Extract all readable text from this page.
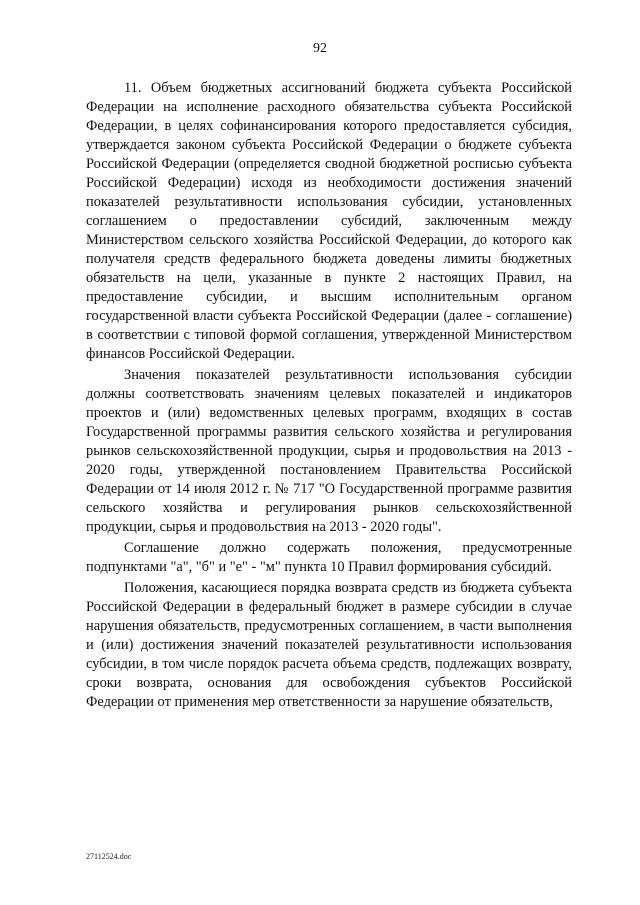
92

11. Объем бюджетных ассигнований бюджета субъекта Российской Федерации на исполнение расходного обязательства субъекта Российской Федерации, в целях софинансирования которого предоставляется субсидия, утверждается законом субъекта Российской Федерации о бюджете субъекта Российской Федерации (определяется сводной бюджетной росписью субъекта Российской Федерации) исходя из необходимости достижения значений показателей результативности использования субсидии, установленных соглашением о предоставлении субсидий, заключенным между Министерством сельского хозяйства Российской Федерации, до которого как получателя средств федерального бюджета доведены лимиты бюджетных обязательств на цели, указанные в пункте 2 настоящих Правил, на предоставление субсидии, и высшим исполнительным органом государственной власти субъекта Российской Федерации (далее - соглашение) в соответствии с типовой формой соглашения, утвержденной Министерством финансов Российской Федерации.

Значения показателей результативности использования субсидии должны соответствовать значениям целевых показателей и индикаторов проектов и (или) ведомственных целевых программ, входящих в состав Государственной программы развития сельского хозяйства и регулирования рынков сельскохозяйственной продукции, сырья и продовольствия на 2013 - 2020 годы, утвержденной постановлением Правительства Российской Федерации от 14 июля 2012 г. № 717 "О Государственной программе развития сельского хозяйства и регулирования рынков сельскохозяйственной продукции, сырья и продовольствия на 2013 - 2020 годы".

Соглашение должно содержать положения, предусмотренные подпунктами "а", "б" и "е" - "м" пункта 10 Правил формирования субсидий.

Положения, касающиеся порядка возврата средств из бюджета субъекта Российской Федерации в федеральный бюджет в размере субсидии в случае нарушения обязательств, предусмотренных соглашением, в части выполнения и (или) достижения значений показателей результативности использования субсидии, в том числе порядок расчета объема средств, подлежащих возврату, сроки возврата, основания для освобождения субъектов Российской Федерации от применения мер ответственности за нарушение обязательств,

27112524.doc
